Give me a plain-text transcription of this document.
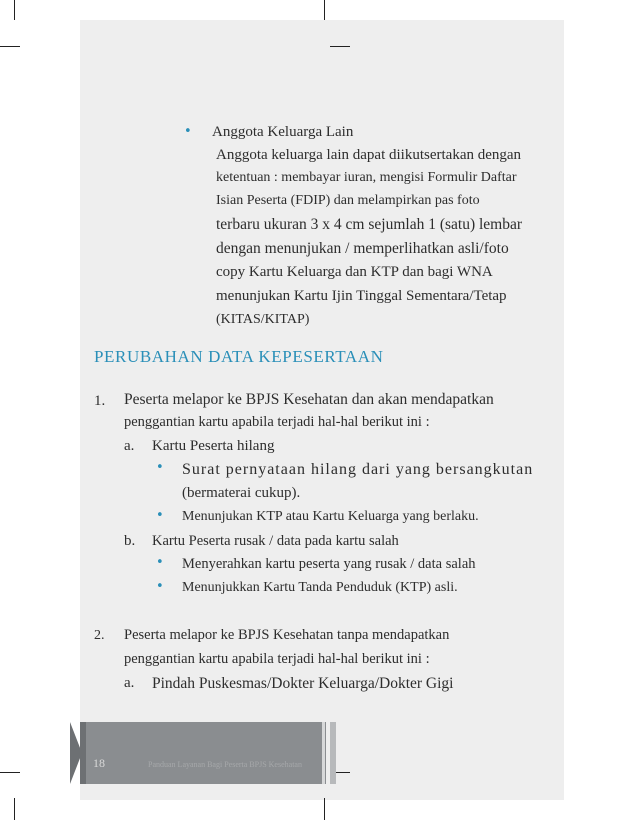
• Anggota Keluarga Lain
Anggota keluarga lain dapat diikutsertakan dengan
ketentuan : membayar iuran, mengisi Formulir Daftar
Isian Peserta (FDIP) dan melampirkan pas foto
terbaru ukuran 3 x 4 cm sejumlah 1 (satu) lembar
dengan menunjukan / memperlihatkan asli/foto
copy Kartu Keluarga dan KTP dan bagi WNA
menunjukan Kartu Ijin Tinggal Sementara/Tetap
(KITAS/KITAP)
PERUBAHAN DATA KEPESERTAAN
1. Peserta melapor ke BPJS Kesehatan dan akan mendapatkan
penggantian kartu apabila terjadi hal-hal berikut ini :
a. Kartu Peserta hilang
• Surat pernyataan hilang dari yang bersangkutan
(bermaterai cukup).
• Menunjukan KTP atau Kartu Keluarga yang berlaku.
b. Kartu Peserta rusak / data pada kartu salah
• Menyerahkan kartu peserta yang rusak / data salah
• Menunjukkan Kartu Tanda Penduduk (KTP) asli.
2. Peserta melapor ke BPJS Kesehatan tanpa mendapatkan
penggantian kartu apabila terjadi hal-hal berikut ini :
a. Pindah Puskesmas/Dokter Keluarga/Dokter Gigi
18	Panduan Layanan Bagi Peserta BPJS Kesehatan
